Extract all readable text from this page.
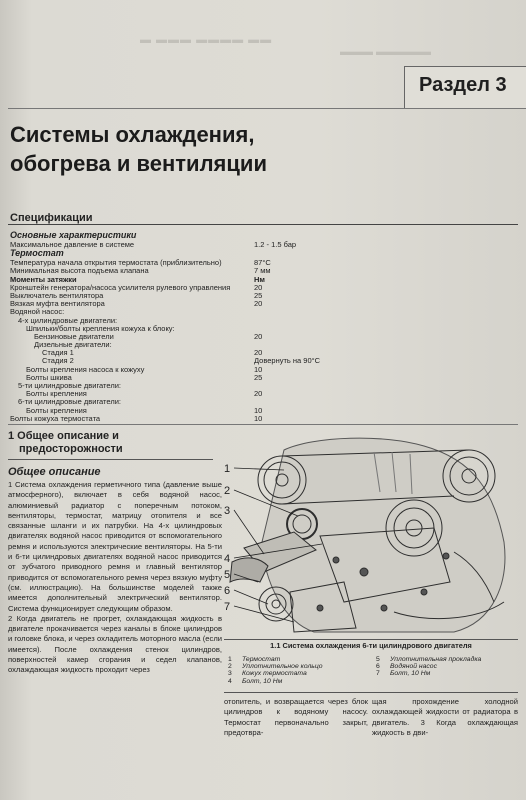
▬ ▬▬▬ ▬▬▬▬ ▬▬
▬▬▬ ▬▬▬▬▬
Раздел 3
Системы охлаждения,
обогрева и вентиляции
Спецификации
Основные характеристики
Максимальное давление в системе	1.2 - 1.5 бар
Термостат
Температура начала открытия термостата (приблизительно)	87°C
Минимальная высота подъема клапана	7 мм
Моменты затяжки	Нм
Кронштейн генератора/насоса усилителя рулевого управления	20
Выключатель вентилятора	25
Вязкая муфта вентилятора	20
Водяной насос:
4-х цилиндровые двигатели:
Шпильки/болты крепления кожуха к блоку:
Бензиновые двигатели	20
Дизельные двигатели:
Стадия 1	20
Стадия 2	Довернуть на 90°C
Болты крепления насоса к кожуху	10
Болты шкива	25
5-ти цилиндровые двигатели:
Болты крепления	20
6-ти цилиндровые двигатели:
Болты крепления	10
Болты кожуха термостата	10
1 Общее описание и
предосторожности
Общее описание

1 Система охлаждения герметичного типа (давление выше атмосферного), включает в себя водяной насос, алюминиевый радиатор с поперечным потоком, вентиляторы, термостат, матрицу отопителя и все связанные шланги и их патрубки. На 4-х цилиндровых двигателях водяной насос приводится от вспомогательного ремня и используются электрические вентиляторы. На 5-ти и 6-ти цилиндровых двигателях водяной насос приводится от зубчатого приводного ремня и главный вентилятор приводится от вспомогательного ремня через вязкую муфту (см. иллюстрацию). На большинстве моделей также имеется дополнительный электрический вентилятор. Система функционирует следующим образом.

2 Когда двигатель не прогрет, охлаждающая жидкость в двигателе прокачивается через каналы в блоке цилиндров и головке блока, и через охладитель моторного масла (если имеется). После охлаждения стенок цилиндров, поверхностей камер сгорания и седел клапанов, охлаждающая жидкость проходит через

1
2
3
4
5
6
7
1.1 Система охлаждения 6-ти цилиндрового двигателя
1 Термостат
2 Уплотнительное кольцо
3 Кожух термостата
4 Болт, 10 Нм
5 Уплотнительная прокладка
6 Водяной насос
7 Болт, 10 Нм

отопитель, и возвращается через блок цилиндров к водяному насосу. Термостат первоначально закрыт, предотвра-

щая прохождение холодной охлаждающей жидкости от радиатора в двигатель. 3 Когда охлаждающая жидкость в дви-
